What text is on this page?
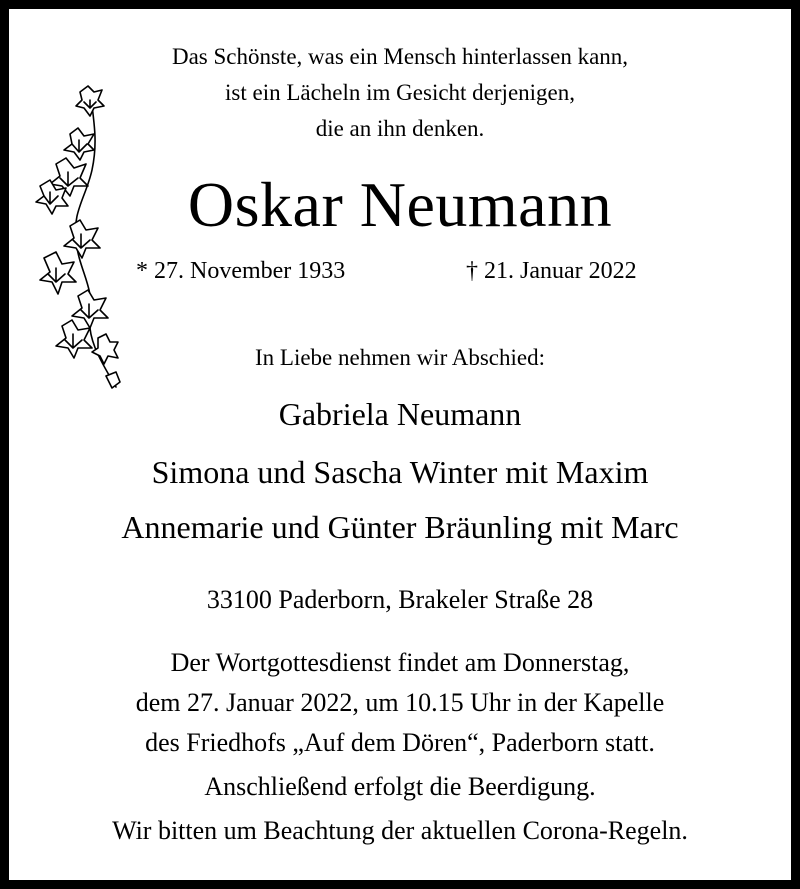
Das Schönste, was ein Mensch hinterlassen kann,
ist ein Lächeln im Gesicht derjenigen,
die an ihn denken.
Oskar Neumann
* 27. November 1933	† 21. Januar 2022
In Liebe nehmen wir Abschied:
Gabriela Neumann
Simona und Sascha Winter mit Maxim
Annemarie und Günter Bräunling mit Marc
33100 Paderborn, Brakeler Straße 28
Der Wortgottesdienst findet am Donnerstag,
dem 27. Januar 2022, um 10.15 Uhr in der Kapelle
des Friedhofs „Auf dem Dören“, Paderborn statt.
Anschließend erfolgt die Beerdigung.
Wir bitten um Beachtung der aktuellen Corona-Regeln.
